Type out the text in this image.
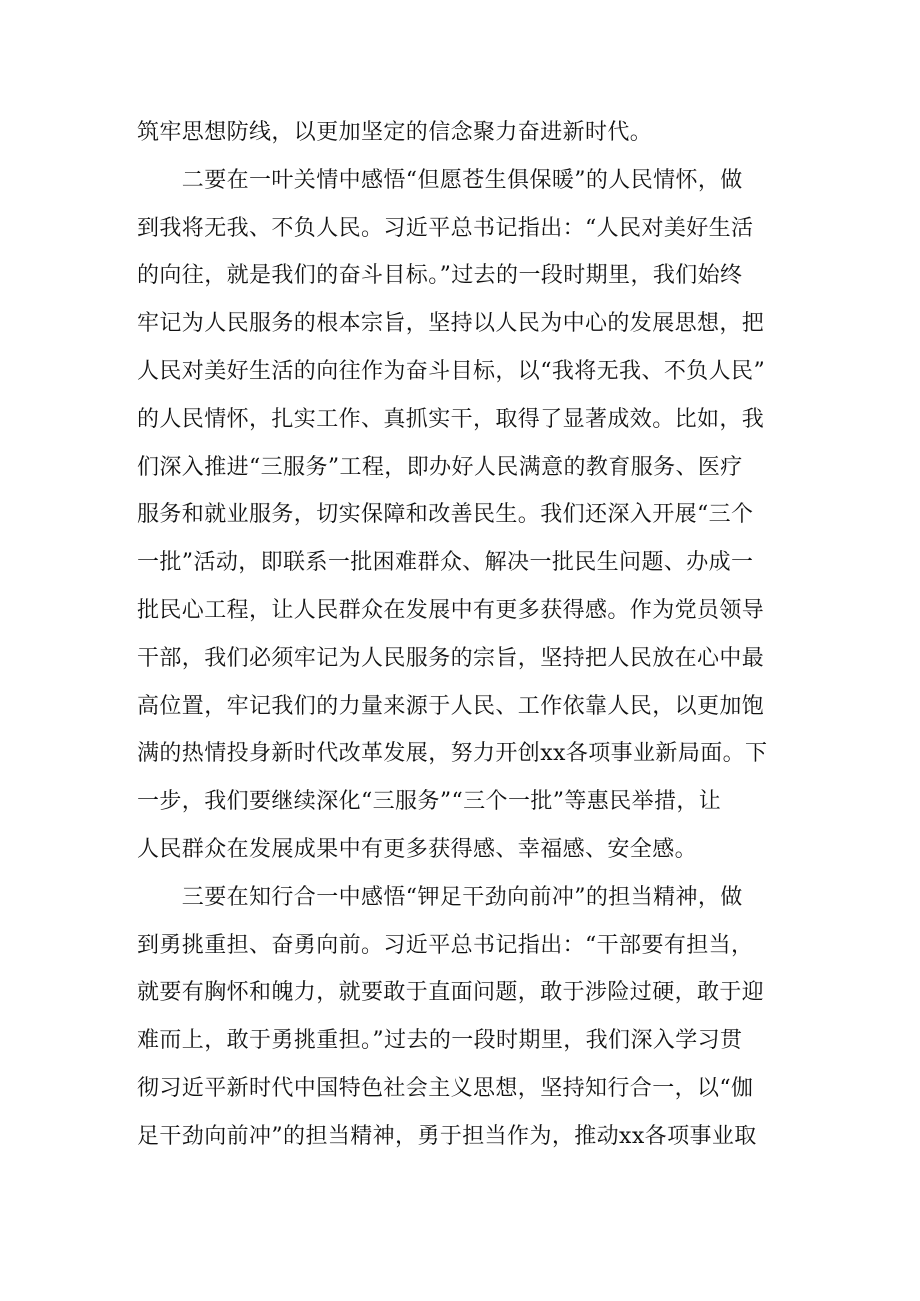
筑牢思想防线，以更加坚定的信念聚力奋进新时代。
　　二要在一叶关情中感悟“但愿苍生俱保暖”的人民情怀，做
到我将无我、不负人民。习近平总书记指出：“人民对美好生活
的向往，就是我们的奋斗目标。”过去的一段时期里，我们始终
牢记为人民服务的根本宗旨，坚持以人民为中心的发展思想，把
人民对美好生活的向往作为奋斗目标，以“我将无我、不负人民”
的人民情怀，扎实工作、真抓实干，取得了显著成效。比如，我
们深入推进“三服务”工程，即办好人民满意的教育服务、医疗
服务和就业服务，切实保障和改善民生。我们还深入开展“三个
一批”活动，即联系一批困难群众、解决一批民生问题、办成一
批民心工程，让人民群众在发展中有更多获得感。作为党员领导
干部，我们必须牢记为人民服务的宗旨，坚持把人民放在心中最
高位置，牢记我们的力量来源于人民、工作依靠人民，以更加饱
满的热情投身新时代改革发展，努力开创xx各项事业新局面。下
一步，我们要继续深化“三服务”“三个一批”等惠民举措，让
人民群众在发展成果中有更多获得感、幸福感、安全感。
　　三要在知行合一中感悟“钾足干劲向前冲”的担当精神，做
到勇挑重担、奋勇向前。习近平总书记指出：“干部要有担当，
就要有胸怀和魄力，就要敢于直面问题，敢于涉险过硬，敢于迎
难而上，敢于勇挑重担。”过去的一段时期里，我们深入学习贯
彻习近平新时代中国特色社会主义思想，坚持知行合一，以“伽
足干劲向前冲”的担当精神，勇于担当作为，推动xx各项事业取
